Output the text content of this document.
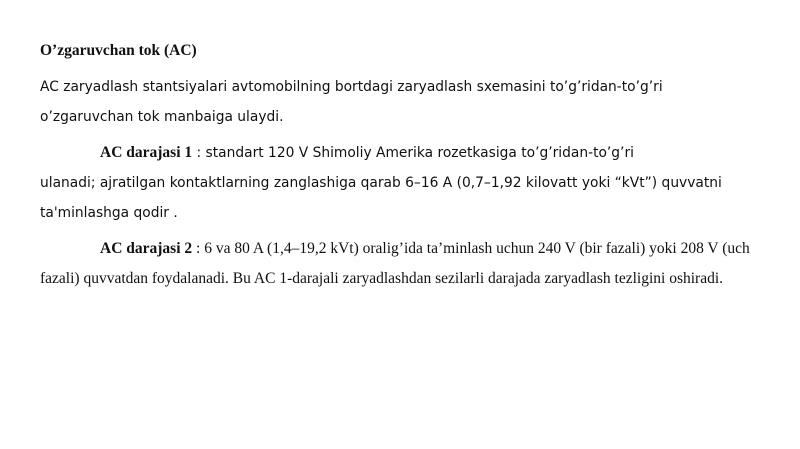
O’zgaruvchan tok (AC)

AC zaryadlash stantsiyalari avtomobilning bortdagi zaryadlash sxemasini to’g’ridan-to’g’ri o’zgaruvchan tok manbaiga ulaydi.

AC darajasi 1 : standart 120 V Shimoliy Amerika rozetkasiga to’g’ridan-to’g’ri
ulanadi; ajratilgan kontaktlarning zanglashiga qarab 6–16 A (0,7–1,92 kilovatt yoki “kVt”) quvvatni ta'minlashga qodir .

AC darajasi 2 : 6 va 80 A (1,4–19,2 kVt) oralig’ida ta’minlash uchun 240 V (bir fazali) yoki 208 V (uch fazali) quvvatdan foydalanadi. Bu AC 1-darajali zaryadlashdan sezilarli darajada zaryadlash tezligini oshiradi.
